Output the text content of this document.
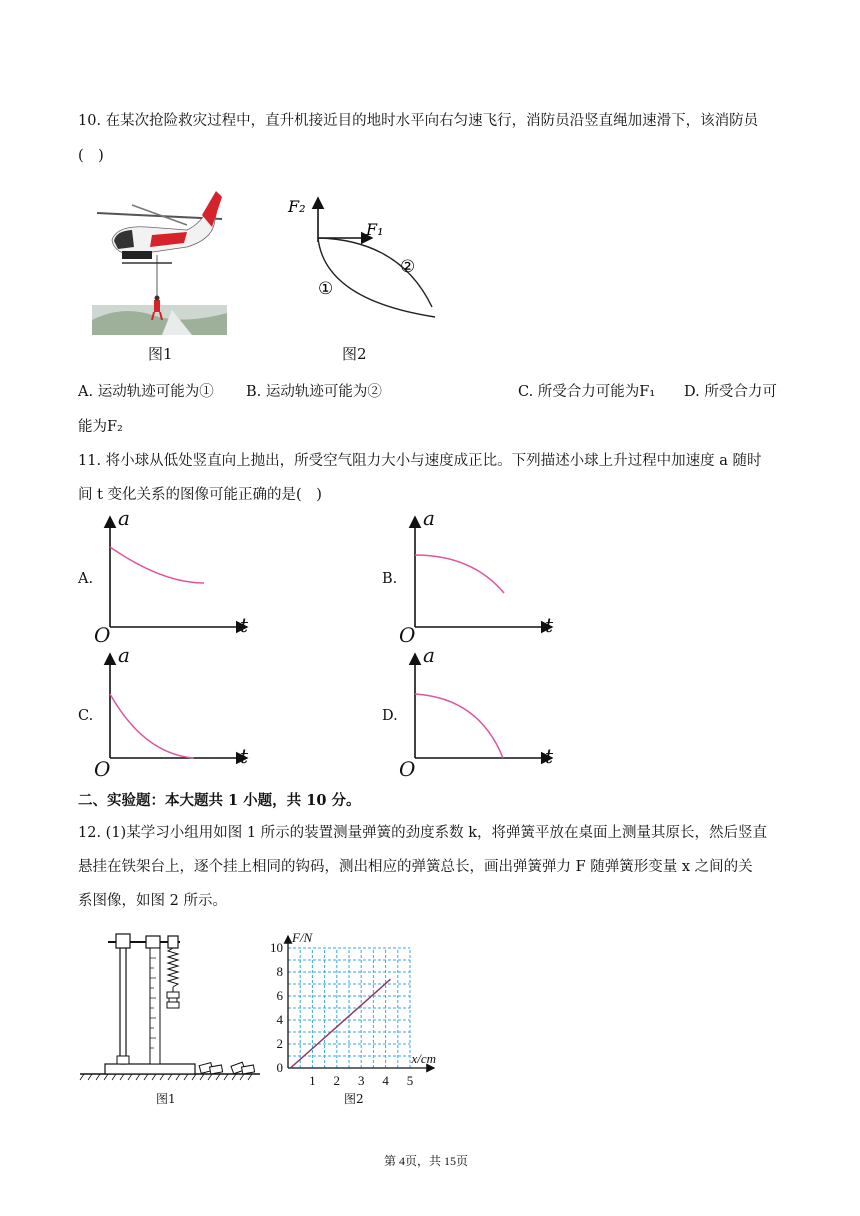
10. 在某次抢险救灾过程中，直升机接近目的地时水平向右匀速飞行，消防员沿竖直绳加速滑下，该消防员
(　)
图1
F₂
F₁
①
②
图2
A. 运动轨迹可能为① B. 运动轨迹可能为②	C. 所受合力可能为F₁ D. 所受合力可
能为F₂
11. 将小球从低处竖直向上抛出，所受空气阻力大小与速度成正比。下列描述小球上升过程中加速度 a 随时
间 t 变化关系的图像可能正确的是(　)
A.
a
t
O
B.
a
t
O
C.
a
t
O
D.
a
t
O
二、实验题：本大题共 1 小题，共 10 分。
12. (1)某学习小组用如图 1 所示的装置测量弹簧的劲度系数 k，将弹簧平放在桌面上测量其原长，然后竖直
悬挂在铁架台上，逐个挂上相同的钩码，测出相应的弹簧总长，画出弹簧弹力 F 随弹簧形变量 x 之间的关
系图像，如图 2 所示。
图1
1 2 3 4 5
0
2
4
6
8
10
F/N
x/cm
图2
第 4页，共 15页
